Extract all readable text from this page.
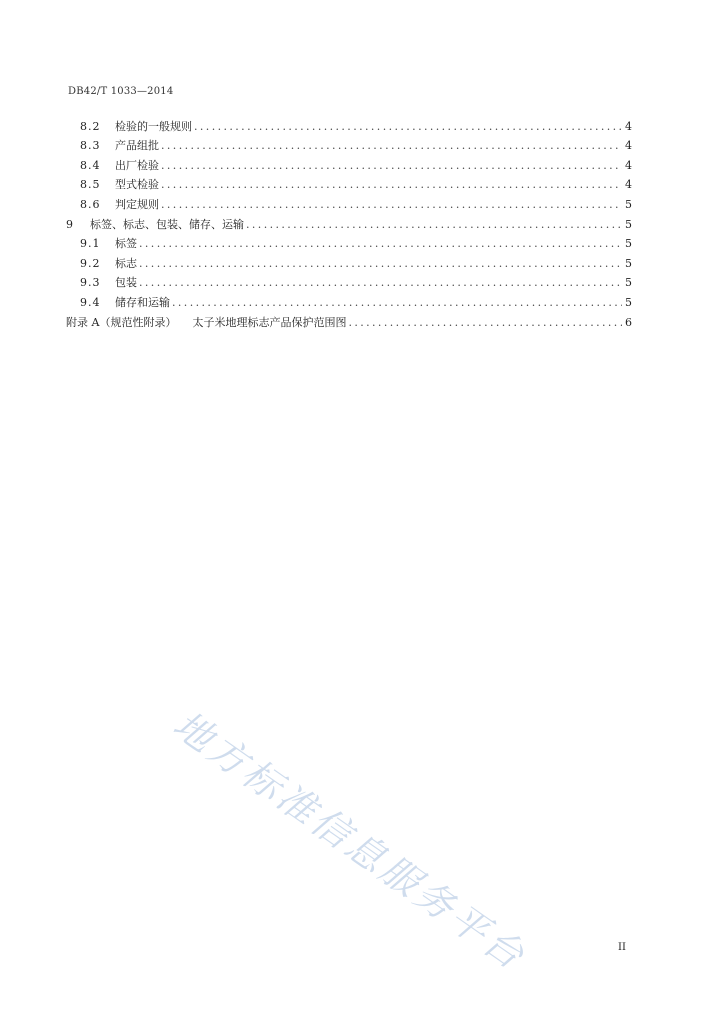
DB42/T 1033—2014
8.2	检验的一般规则 .....	4
8.3	产品组批 .....	4
8.4	出厂检验 .....	4
8.5	型式检验 .....	4
8.6	判定规则 .....	5
9	标签、标志、包装、储存、运输 .....	5
9.1	标签 .....	5
9.2	标志 .....	5
9.3	包装 .....	5
9.4	储存和运输 .....	5
附录 A（规范性附录） 太子米地理标志产品保护范围图 .....	6
地方标准信息服务平台	II
